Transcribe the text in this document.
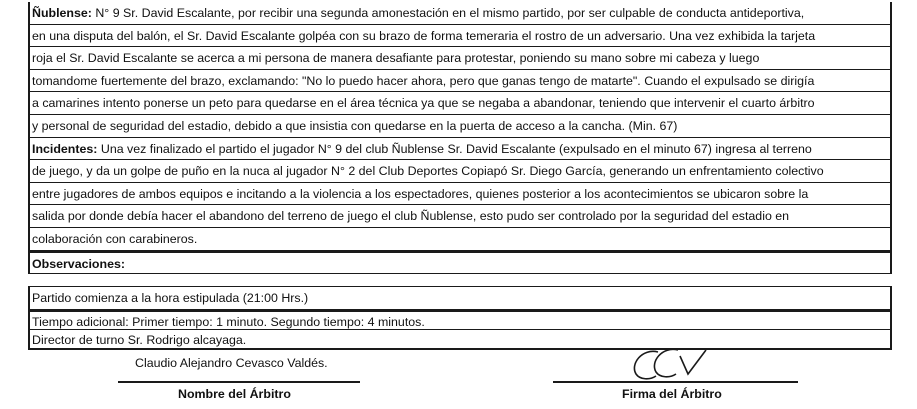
Ñublense: N° 9 Sr. David Escalante, por recibir una segunda amonestación en el mismo partido, por ser culpable de conducta antideportiva,
en una disputa del balón, el Sr. David Escalante golpéa con su brazo de forma temeraria el rostro de un adversario. Una vez exhibida la tarjeta
roja el Sr. David Escalante se acerca a mi persona de manera desafiante para protestar, poniendo su mano sobre mi cabeza y luego
tomandome fuertemente del brazo, exclamando: "No lo puedo hacer ahora, pero que ganas tengo de matarte". Cuando el expulsado se dirigía
a camarines intento ponerse un peto para quedarse en el área técnica ya que se negaba a abandonar, teniendo que intervenir el cuarto árbitro
y personal de seguridad del estadio, debido a que insistia con quedarse en la puerta de acceso a la cancha. (Min. 67)
Incidentes: Una vez finalizado el partido el jugador N° 9 del club Ñublense Sr. David Escalante (expulsado en el minuto 67) ingresa al terreno
de juego, y da un golpe de puño en la nuca al jugador N° 2 del Club Deportes Copiapó Sr. Diego García, generando un enfrentamiento colectivo
entre jugadores de ambos equipos e incitando a la violencia a los espectadores, quienes posterior a los acontecimientos se ubicaron sobre la
salida por donde debía hacer el abandono del terreno de juego el club Ñublense, esto pudo ser controlado por la seguridad del estadio en
colaboración con carabineros.
Observaciones:
Partido comienza a la hora estipulada (21:00 Hrs.)
Tiempo adicional: Primer tiempo: 1 minuto. Segundo tiempo: 4 minutos.
Director de turno Sr. Rodrigo alcayaga.
Claudio Alejandro Cevasco Valdés.
Nombre del Árbitro	Firma del Árbitro
